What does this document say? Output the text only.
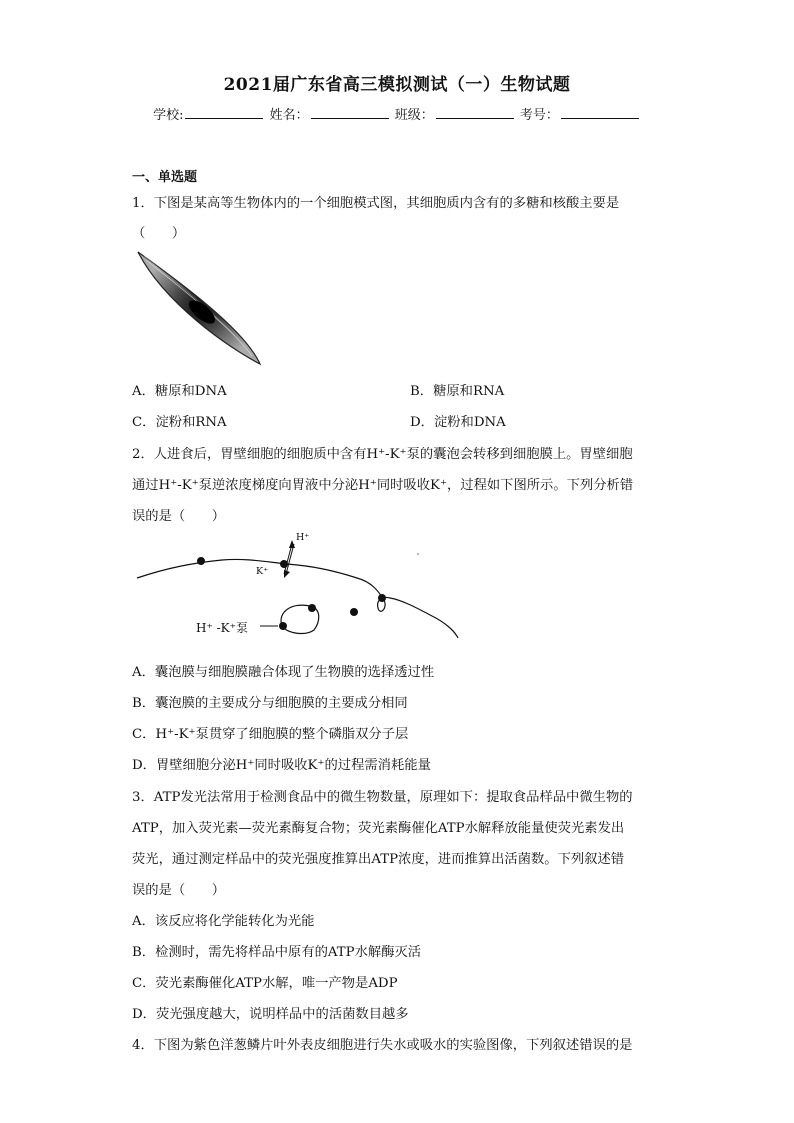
2021届广东省高三模拟测试（一）生物试题
学校:	姓名：	班级：	考号：
一、单选题
1．下图是某高等生物体内的一个细胞模式图，其细胞质内含有的多糖和核酸主要是
（　　）
A．糖原和DNA	B．糖原和RNA
C．淀粉和RNA	D．淀粉和DNA
2．人进食后，胃壁细胞的细胞质中含有H⁺-K⁺泵的囊泡会转移到细胞膜上。胃壁细胞
通过H⁺-K⁺泵逆浓度梯度向胃液中分泌H⁺同时吸收K⁺，过程如下图所示。下列分析错
误的是（　　）
H⁺
K⁺
H⁺ -K⁺泵
A．囊泡膜与细胞膜融合体现了生物膜的选择透过性
B．囊泡膜的主要成分与细胞膜的主要成分相同
C．H⁺-K⁺泵贯穿了细胞膜的整个磷脂双分子层
D．胃壁细胞分泌H⁺同时吸收K⁺的过程需消耗能量
3．ATP发光法常用于检测食品中的微生物数量，原理如下：提取食品样品中微生物的
ATP，加入荧光素—荧光素酶复合物；荧光素酶催化ATP水解释放能量使荧光素发出
荧光，通过测定样品中的荧光强度推算出ATP浓度，进而推算出活菌数。下列叙述错
误的是（　　）
A．该反应将化学能转化为光能
B．检测时，需先将样品中原有的ATP水解酶灭活
C．荧光素酶催化ATP水解，唯一产物是ADP
D．荧光强度越大，说明样品中的活菌数目越多
4．下图为紫色洋葱鳞片叶外表皮细胞进行失水或吸水的实验图像，下列叙述错误的是
